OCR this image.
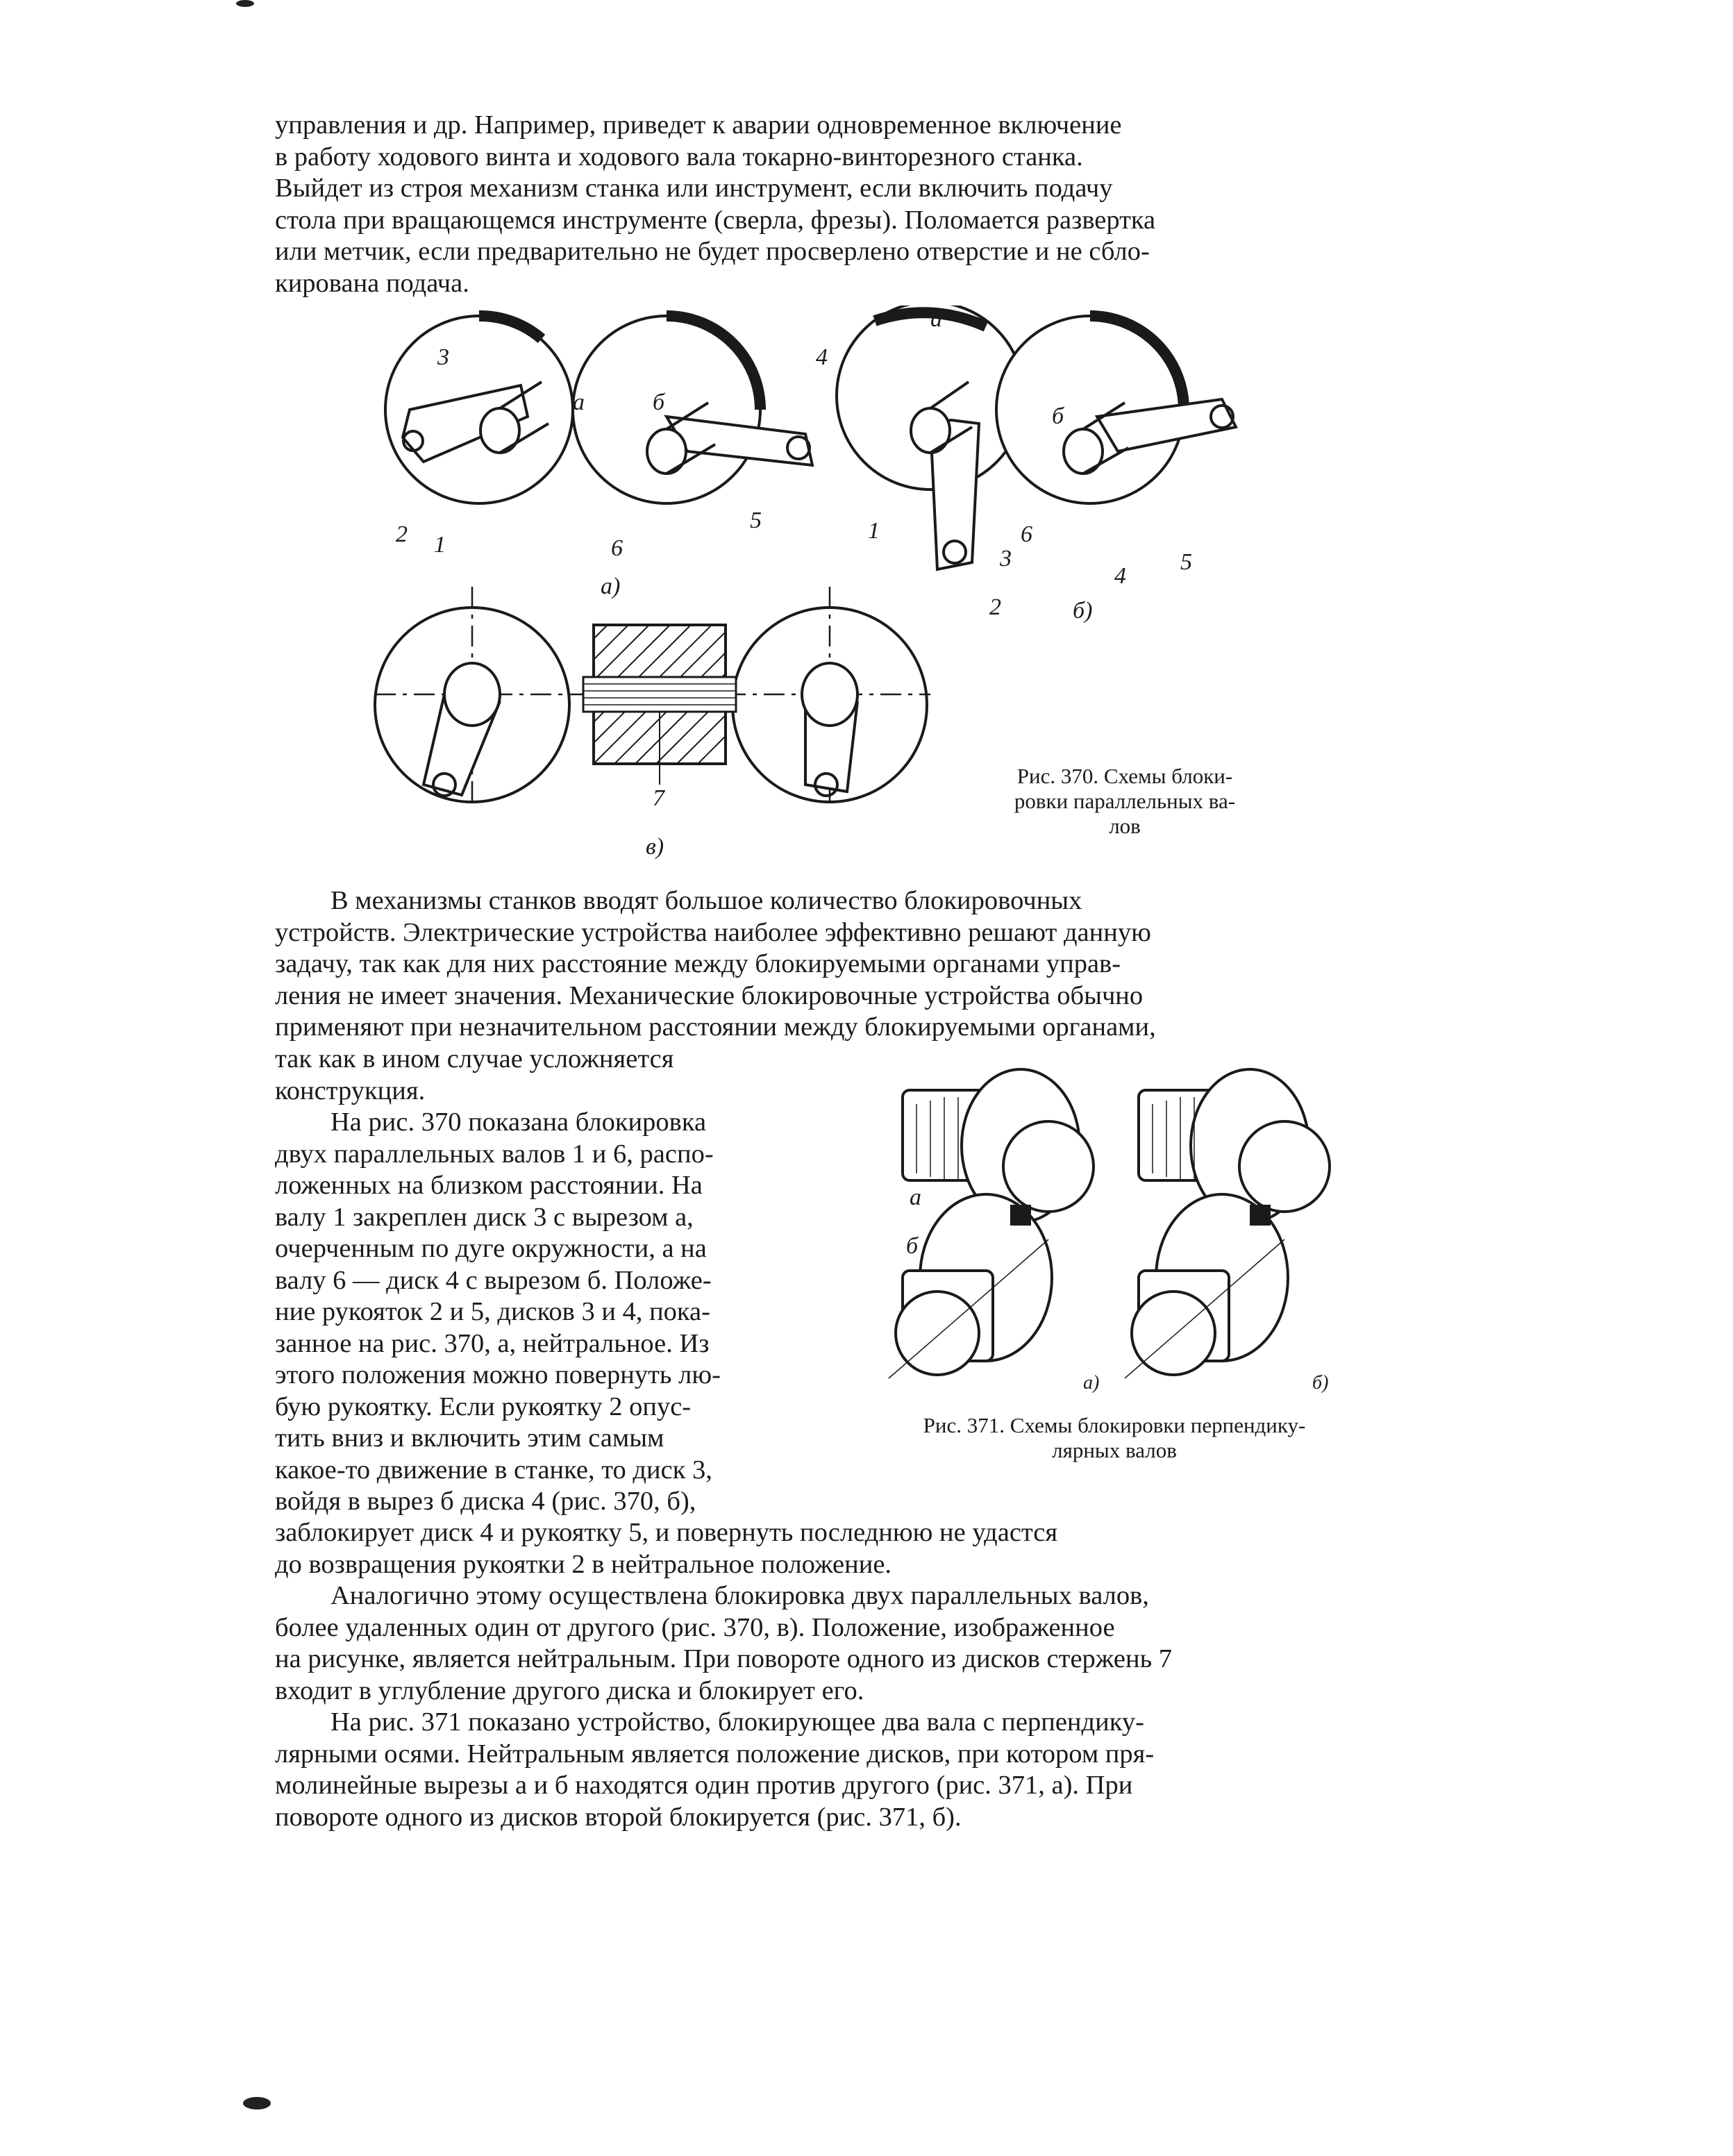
управления и др. Например, приведет к аварии одновременное включение
в работу ходового винта и ходового вала токарно-винторезного станка.
Выйдет из строя механизм станка или инструмент, если включить подачу
стола при вращающемся инструменте (сверла, фрезы). Поломается развертка
или метчик, если предварительно не будет просверлено отверстие и не сбло-
кирована подача.
а
3	4
а	б
2 1	6
5
а)
б
1	6
3
4
5
2	б)
7
в)
Рис. 370. Схемы блоки-
ровки параллельных ва-
лов
В механизмы станков вводят большое количество блокировочных
устройств. Электрические устройства наиболее эффективно решают данную
задачу, так как для них расстояние между блокируемыми органами управ-
ления не имеет значения. Механические блокировочные устройства обычно
применяют при незначительном расстоянии между блокируемыми органами,
так как в ином случае усложняется
конструкция.
На рис. 370 показана блокировка
двух параллельных валов 1 и 6, распо-
ложенных на близком расстоянии. На
валу 1 закреплен диск 3 с вырезом а,
очерченным по дуге окружности, а на
валу 6 — диск 4 с вырезом б. Положе-
ние рукояток 2 и 5, дисков 3 и 4, пока-
занное на рис. 370, а, нейтральное. Из
этого положения можно повернуть лю-
бую рукоятку. Если рукоятку 2 опус-
тить вниз и включить этим самым
какое-то движение в станке, то диск 3,
войдя в вырез б диска 4 (рис. 370, б),
а
б
а)	б)
Рис. 371. Схемы блокировки перпендику-
лярных валов
заблокирует диск 4 и рукоятку 5, и повернуть последнюю не удастся
до возвращения рукоятки 2 в нейтральное положение.
Аналогично этому осуществлена блокировка двух параллельных валов,
более удаленных один от другого (рис. 370, в). Положение, изображенное
на рисунке, является нейтральным. При повороте одного из дисков стержень 7
входит в углубление другого диска и блокирует его.
На рис. 371 показано устройство, блокирующее два вала с перпендику-
лярными осями. Нейтральным является положение дисков, при котором пря-
молинейные вырезы а и б находятся один против другого (рис. 371, а). При
повороте одного из дисков второй блокируется (рис. 371, б).
